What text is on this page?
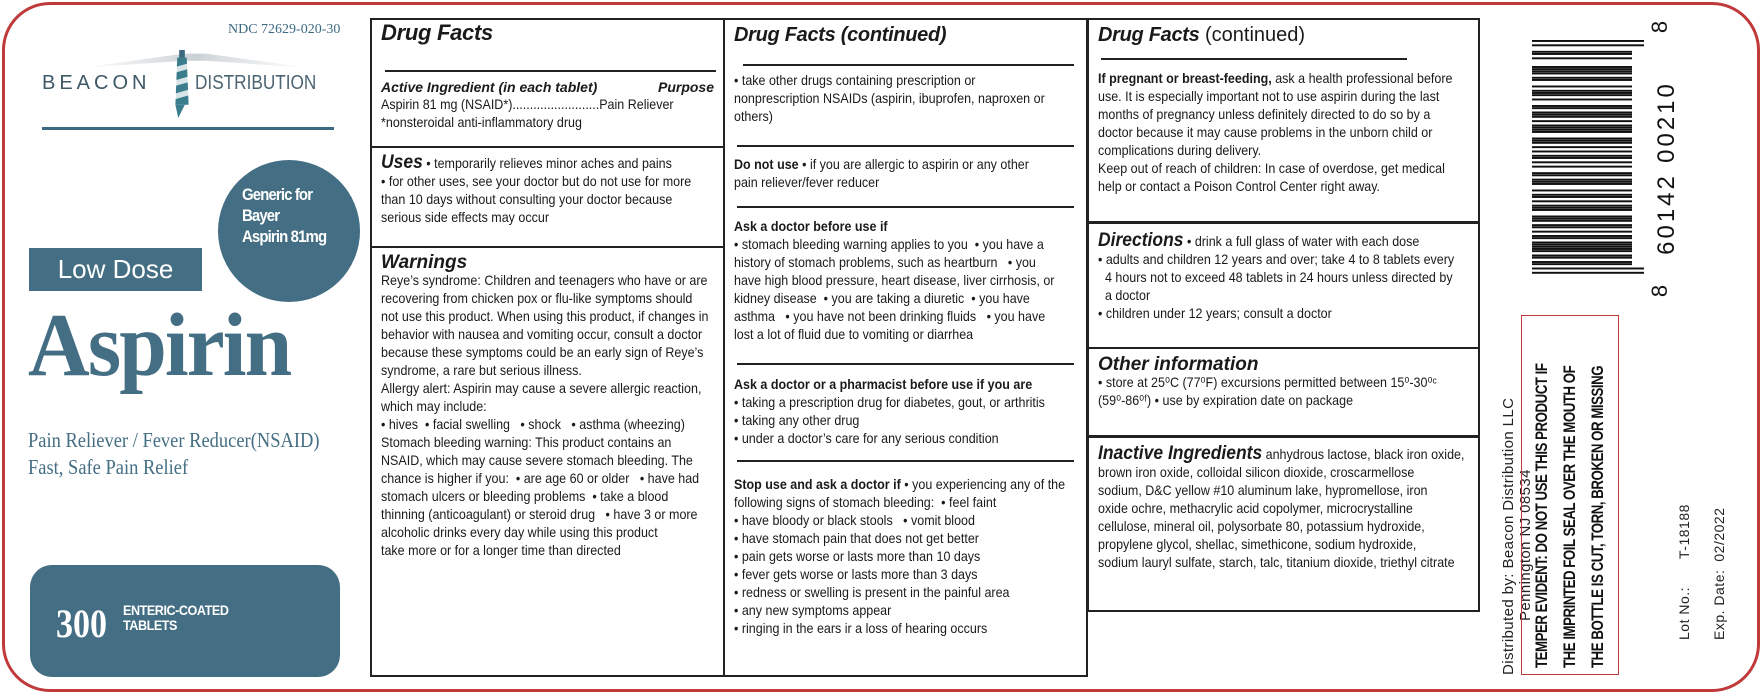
NDC 72629-020-30
BEACON DISTRIBUTION
Generic for
Bayer
Aspirin 81mg
Low Dose
Aspirin
Pain Reliever / Fever Reducer(NSAID)
Fast, Safe Pain Relief
300 ENTERIC-COATED
TABLETS
Drug Facts
Active Ingredient (in each tablet)	Purpose
Aspirin 81 mg (NSAID*).........................Pain Reliever
*nonsteroidal anti-inflammatory drug
Uses • temporarily relieves minor aches and pains
• for other uses, see your doctor but do not use for more
than 10 days without consulting your doctor because
serious side effects may occur
Warnings
Reye’s syndrome: Children and teenagers who have or are
recovering from chicken pox or flu-like symptoms should
not use this product. When using this product, if changes in
behavior with nausea and vomiting occur, consult a doctor
because these symptoms could be an early sign of Reye’s
syndrome, a rare but serious illness.
Allergy alert: Aspirin may cause a severe allergic reaction,
which may include:
• hives  • facial swelling   • shock   • asthma (wheezing)
Stomach bleeding warning: This product contains an
NSAID, which may cause severe stomach bleeding. The
chance is higher if you:  • are age 60 or older   • have had
stomach ulcers or bleeding problems  • take a blood
thinning (anticoagulant) or steroid drug   • have 3 or more
alcoholic drinks every day while using this product
take more or for a longer time than directed
Drug Facts (continued)
• take other drugs containing prescription or
nonprescription NSAIDs (aspirin, ibuprofen, naproxen or
others)
Do not use • if you are allergic to aspirin or any other
pain reliever/fever reducer
Ask a doctor before use if
• stomach bleeding warning applies to you  • you have a
history of stomach problems, such as heartburn   • you
have high blood pressure, heart disease, liver cirrhosis, or
kidney disease  • you are taking a diuretic  • you have
asthma   • you have not been drinking fluids   • you have
lost a lot of fluid due to vomiting or diarrhea
Ask a doctor or a pharmacist before use if you are
• taking a prescription drug for diabetes, gout, or arthritis
• taking any other drug
• under a doctor’s care for any serious condition
Stop use and ask a doctor if • you experiencing any of the
following signs of stomach bleeding:  • feel faint
• have bloody or black stools   • vomit blood
• have stomach pain that does not get better
• pain gets worse or lasts more than 10 days
• fever gets worse or lasts more than 3 days
• redness or swelling is present in the painful area
• any new symptoms appear
• ringing in the ears ir a loss of hearing occurs
Drug Facts (continued)
If pregnant or breast-feeding, ask a health professional before
use. It is especially important not to use aspirin during the last
months of pregnancy unless definitely directed to do so by a
doctor because it may cause problems in the unborn child or
complications during delivery.
Keep out of reach of children: In case of overdose, get medical
help or contact a Poison Control Center right away.
Directions • drink a full glass of water with each dose
• adults and children 12 years and over; take 4 to 8 tablets every
4 hours not to exceed 48 tablets in 24 hours unless directed by
a doctor
• children under 12 years; consult a doctor
Other information
• store at 25⁰C (77⁰F) excursions permitted between 15⁰-30⁰ᶜ
(59⁰-86⁰ᶠ) • use by expiration date on package
Inactive Ingredients anhydrous lactose, black iron oxide,
brown iron oxide, colloidal silicon dioxide, croscarmellose
sodium, D&C yellow #10 aluminum lake, hypromellose, iron
oxide ochre, methacrylic acid copolymer, microcrystalline
cellulose, mineral oil, polysorbate 80, potassium hydroxide,
propylene glycol, shellac, simethicone, sodium hydroxide,
sodium lauryl sulfate, starch, talc, titanium dioxide, triethyl citrate
8
60142
00210
8
Distributed by: Beacon Distribution LLC Pennington NJ 08534
TEMPER EVIDENT: DO NOT USE THIS PRODUCT IF THE IMPRINTED FOIL SEAL OVER THE MOUTH OF THE BOTTLE IS CUT, TORN, BROKEN OR MISSING	Lot No.:T-18188
Exp. Date:02/2022
